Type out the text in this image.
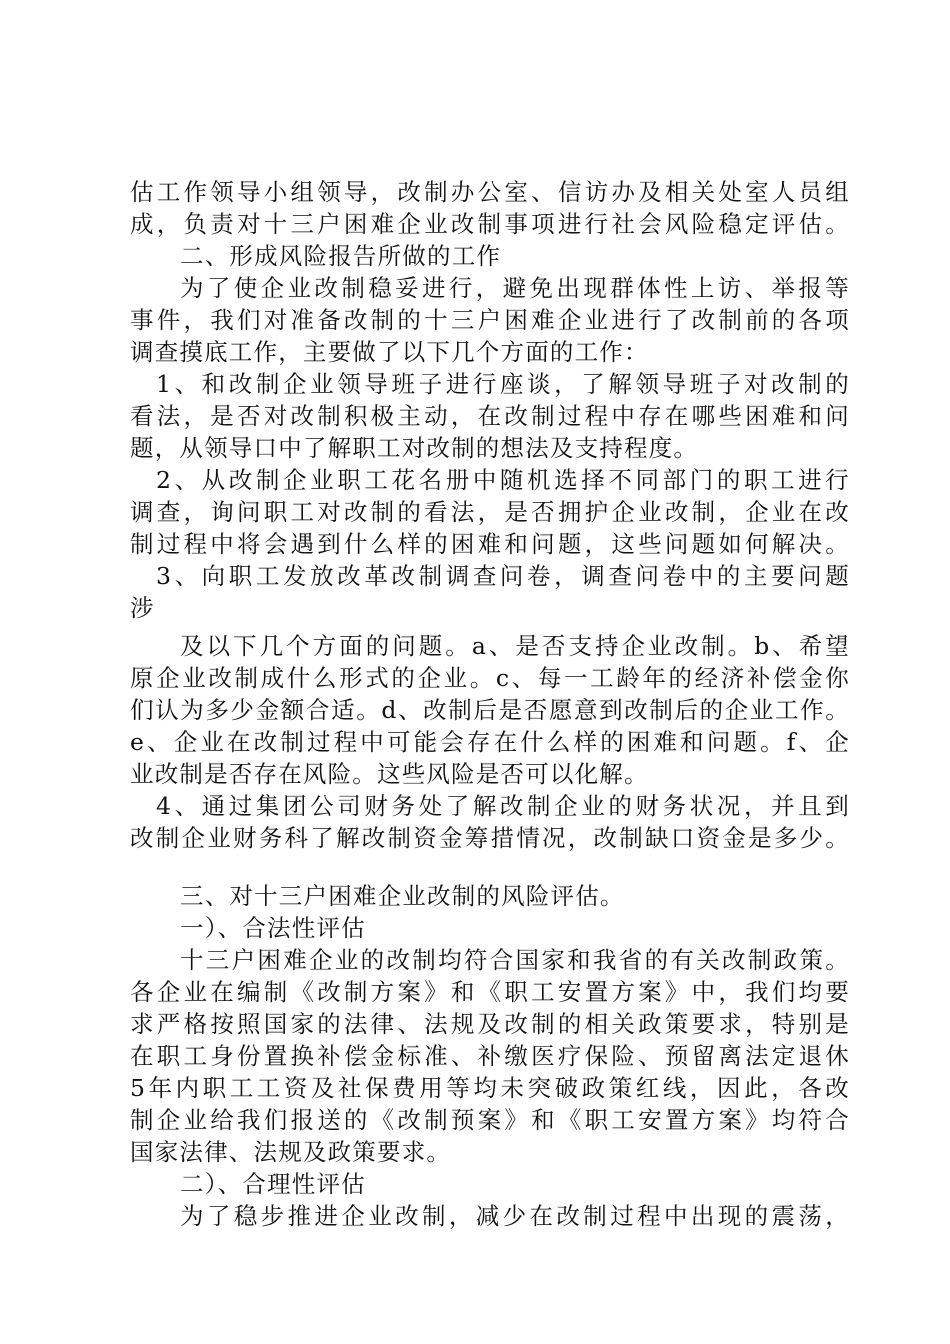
估工作领导小组领导，改制办公室、信访办及相关处室人员组
成，负责对十三户困难企业改制事项进行社会风险稳定评估。
二、形成风险报告所做的工作
为了使企业改制稳妥进行，避免出现群体性上访、举报等
事件，我们对准备改制的十三户困难企业进行了改制前的各项
调查摸底工作，主要做了以下几个方面的工作：
1、和改制企业领导班子进行座谈，了解领导班子对改制的
看法，是否对改制积极主动，在改制过程中存在哪些困难和问
题，从领导口中了解职工对改制的想法及支持程度。
2、从改制企业职工花名册中随机选择不同部门的职工进行
调查，询问职工对改制的看法，是否拥护企业改制，企业在改
制过程中将会遇到什么样的困难和问题，这些问题如何解决。
3、向职工发放改革改制调查问卷，调查问卷中的主要问题
涉
及以下几个方面的问题。a、是否支持企业改制。b、希望
原企业改制成什么形式的企业。c、每一工龄年的经济补偿金你
们认为多少金额合适。d、改制后是否愿意到改制后的企业工作。
e、企业在改制过程中可能会存在什么样的困难和问题。f、企
业改制是否存在风险。这些风险是否可以化解。
4、通过集团公司财务处了解改制企业的财务状况，并且到
改制企业财务科了解改制资金筹措情况，改制缺口资金是多少。
三、对十三户困难企业改制的风险评估。
一）、合法性评估
十三户困难企业的改制均符合国家和我省的有关改制政策。
各企业在编制《改制方案》和《职工安置方案》中，我们均要
求严格按照国家的法律、法规及改制的相关政策要求，特别是
在职工身份置换补偿金标准、补缴医疗保险、预留离法定退休
5年内职工工资及社保费用等均未突破政策红线，因此，各改
制企业给我们报送的《改制预案》和《职工安置方案》均符合
国家法律、法规及政策要求。
二）、合理性评估
为了稳步推进企业改制，减少在改制过程中出现的震荡，
